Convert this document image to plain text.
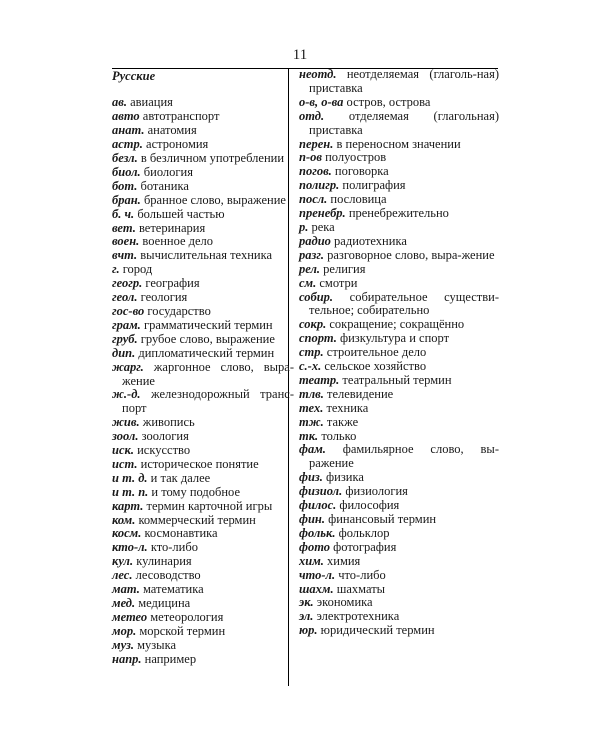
11
Русские

ав. авиация

авто автотранспорт

анат. анатомия

астр. астрономия

безл. в безличном употреблении

биол. биология

бот. ботаника

бран. бранное слово, выражение

б. ч. большей частью

вет. ветеринария

воен. военное дело

вчт. вычислительная техника

г. город

геогр. география

геол. геология

гос-во государство

грам. грамматический термин

груб. грубое слово, выражение

дип. дипломатический термин

жарг. жаргонное слово, выра-жение

ж.-д. железнодорожный транс-порт

жив. живопись

зоол. зоология

иск. искусство

ист. историческое понятие

и т. д. и так далее

и т. п. и тому подобное

карт. термин карточной игры

ком. коммерческий термин

косм. космонавтика

кто-л. кто-либо

кул. кулинария

лес. лесоводство

мат. математика

мед. медицина

метео метеорология

мор. морской термин

муз. музыка

напр. например

неотд. неотделяемая (глаголь-ная) приставка

о-в, о-ва остров, острова

отд. отделяемая (глагольная) приставка

перен. в переносном значении

п-ов полуостров

погов. поговорка

полигр. полиграфия

посл. пословица

пренебр. пренебрежительно

р. река

радио радиотехника

разг. разговорное слово, выра-жение

рел. религия

см. смотри

собир. собирательное существи-тельное; собирательно

сокр. сокращение; сокращённо

спорт. физкультура и спорт

стр. строительное дело

с.-х. сельское хозяйство

театр. театральный термин

тлв. телевидение

тех. техника

тж. также

тк. только

фам. фамильярное слово, вы-ражение

физ. физика

физиол. физиология

филос. философия

фин. финансовый термин

фольк. фольклор

фото фотография

хим. химия

что-л. что-либо

шахм. шахматы

эк. экономика

эл. электротехника

юр. юридический термин
